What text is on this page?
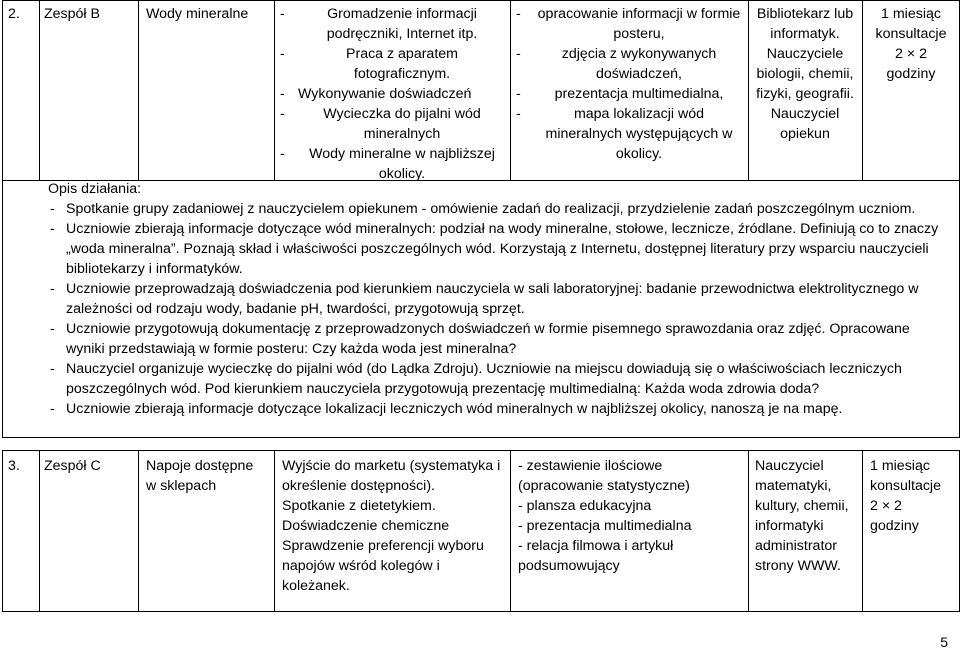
2.	Zespół B	Wody mineralne
-	Gromadzenie informacji podręczniki, Internet itp.
- Praca z aparatem fotograficznym.
- Wykonywanie doświadczeń
- Wycieczka do pijalni wód mineralnych
- Wody mineralne w najbliższej okolicy.
- opracowanie informacji w formie posteru,
- zdjęcia z wykonywanych doświadczeń,
- prezentacja multimedialna,
- mapa lokalizacji wód mineralnych występujących w okolicy.
Bibliotekarz lub informatyk.
Nauczyciele biologii, chemii, fizyki, geografii.
Nauczyciel opiekun
1 miesiąc
konsultacje
2 × 2
godziny
Opis działania:
- Spotkanie grupy zadaniowej z nauczycielem opiekunem - omówienie zadań do realizacji, przydzielenie zadań poszczególnym uczniom.
- Uczniowie zbierają informacje dotyczące wód mineralnych: podział na wody mineralne, stołowe, lecznicze, źródlane. Definiują co to znaczy „woda mineralna”. Poznają skład i właściwości poszczególnych wód. Korzystają z Internetu, dostępnej literatury przy wsparciu nauczycieli bibliotekarzy i informatyków.
- Uczniowie przeprowadzają doświadczenia pod kierunkiem nauczyciela w sali laboratoryjnej: badanie przewodnictwa elektrolitycznego w zależności od rodzaju wody, badanie pH, twardości, przygotowują sprzęt.
- Uczniowie przygotowują dokumentację z przeprowadzonych doświadczeń w formie pisemnego sprawozdania oraz zdjęć. Opracowane wyniki przedstawiają w formie posteru: Czy każda woda jest mineralna?
- Nauczyciel organizuje wycieczkę do pijalni wód (do Lądka Zdroju). Uczniowie na miejscu dowiadują się o właściwościach leczniczych poszczególnych wód. Pod kierunkiem nauczyciela przygotowują prezentację multimedialną: Każda woda zdrowia doda?
- Uczniowie zbierają informacje dotyczące lokalizacji leczniczych wód mineralnych w najbliższej okolicy, nanoszą je na mapę.
3.	Zespół C	Napoje dostępne w sklepach

Wyjście do marketu (systematyka i określenie dostępności).

Spotkanie z dietetykiem.

Doświadczenie chemiczne

Sprawdzenie preferencji wyboru napojów wśród kolegów i koleżanek.

- zestawienie ilościowe (opracowanie statystyczne)

- plansza edukacyjna

- prezentacja multimedialna

- relacja filmowa i artykuł podsumowujący

Nauczyciel matematyki, kultury, chemii, informatyki administrator strony WWW.
1 miesiąc
konsultacje
2 × 2
godziny
5
